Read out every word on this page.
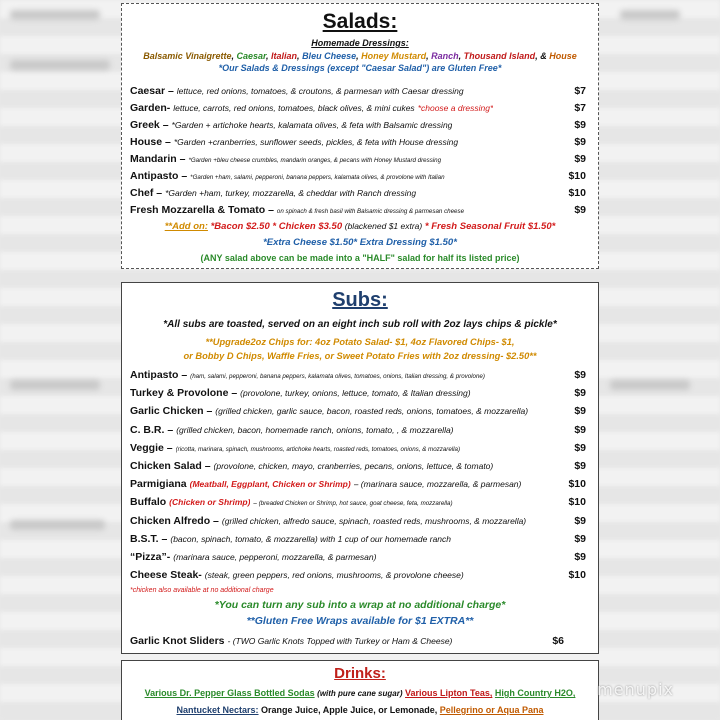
Salads:
Homemade Dressings:
Balsamic Vinaigrette, Caesar, Italian, Bleu Cheese, Honey Mustard, Ranch, Thousand Island, & House
*Our Salads & Dressings (except "Caesar Salad") are Gluten Free*
Caesar – lettuce, red onions, tomatoes, & croutons, & parmesan with Caesar dressing	$7
Garden- lettuce, carrots, red onions, tomatoes, black olives, & mini cukes *choose a dressing*	$7
Greek – *Garden + artichoke hearts, kalamata olives, & feta with Balsamic dressing	$9
House – *Garden +cranberries, sunflower seeds, pickles, & feta with House dressing	$9
Mandarin – *Garden +bleu cheese crumbles, mandarin oranges, & pecans with Honey Mustard dressing	$9
Antipasto – *Garden +ham, salami, pepperoni, banana peppers, kalamata olives, & provolone with Italian	$10
Chef – *Garden +ham, turkey, mozzarella, & cheddar with Ranch dressing	$10
Fresh Mozzarella & Tomato – on spinach & fresh basil with Balsamic dressing & parmesan cheese	$9
**Add on: *Bacon $2.50 * Chicken $3.50 (blackened $1 extra) * Fresh Seasonal Fruit $1.50*
*Extra Cheese $1.50* Extra Dressing $1.50*
(ANY salad above can be made into a "HALF" salad for half its listed price)
Subs:
*All subs are toasted, served on an eight inch sub roll with 2oz lays chips & pickle*
**Upgrade2oz Chips for: 4oz Potato Salad- $1, 4oz Flavored Chips- $1,
or Bobby D Chips, Waffle Fries, or Sweet Potato Fries with 2oz dressing- $2.50**
Antipasto – (ham, salami, pepperoni, banana peppers, kalamata olives, tomatoes, onions, Italian dressing, & provolone)	$9
Turkey & Provolone – (provolone, turkey, onions, lettuce, tomato, & Italian dressing)	$9
Garlic Chicken – (grilled chicken, garlic sauce, bacon, roasted reds, onions, tomatoes, & mozzarella)	$9
C. B.R. – (grilled chicken, bacon, homemade ranch, onions, tomato, , & mozzarella)	$9
Veggie – (ricotta, marinara, spinach, mushrooms, artichoke hearts, roasted reds, tomatoes, onions, & mozzarella)	$9
Chicken Salad – (provolone, chicken, mayo, cranberries, pecans, onions, lettuce, & tomato)	$9
Parmigiana (Meatball, Eggplant, Chicken or Shrimp) – (marinara sauce, mozzarella, & parmesan)	$10
Buffalo (Chicken or Shrimp) – (breaded Chicken or Shrimp, hot sauce, goat cheese, feta, mozzarella)	$10
Chicken Alfredo – (grilled chicken, alfredo sauce, spinach, roasted reds, mushrooms, & mozzarella)	$9
B.S.T. – (bacon, spinach, tomato, & mozzarella) with 1 cup of our homemade ranch	$9
“Pizza”- (marinara sauce, pepperoni, mozzarella, & parmesan)	$9
Cheese Steak- (steak, green peppers, red onions, mushrooms, & provolone cheese)	$10
*chicken also available at no additional charge
*You can turn any sub into a wrap at no additional charge*
**Gluten Free Wraps available for $1 EXTRA**
Garlic Knot Sliders - (TWO Garlic Knots Topped with Turkey or Ham & Cheese)	$6
Drinks:
Various Dr. Pepper Glass Bottled Sodas (with pure cane sugar) Various Lipton Teas, High Country H2O,
Nantucket Nectars: Orange Juice, Apple Juice, or Lemonade, Pellegrino or Aqua Pana
menupix
